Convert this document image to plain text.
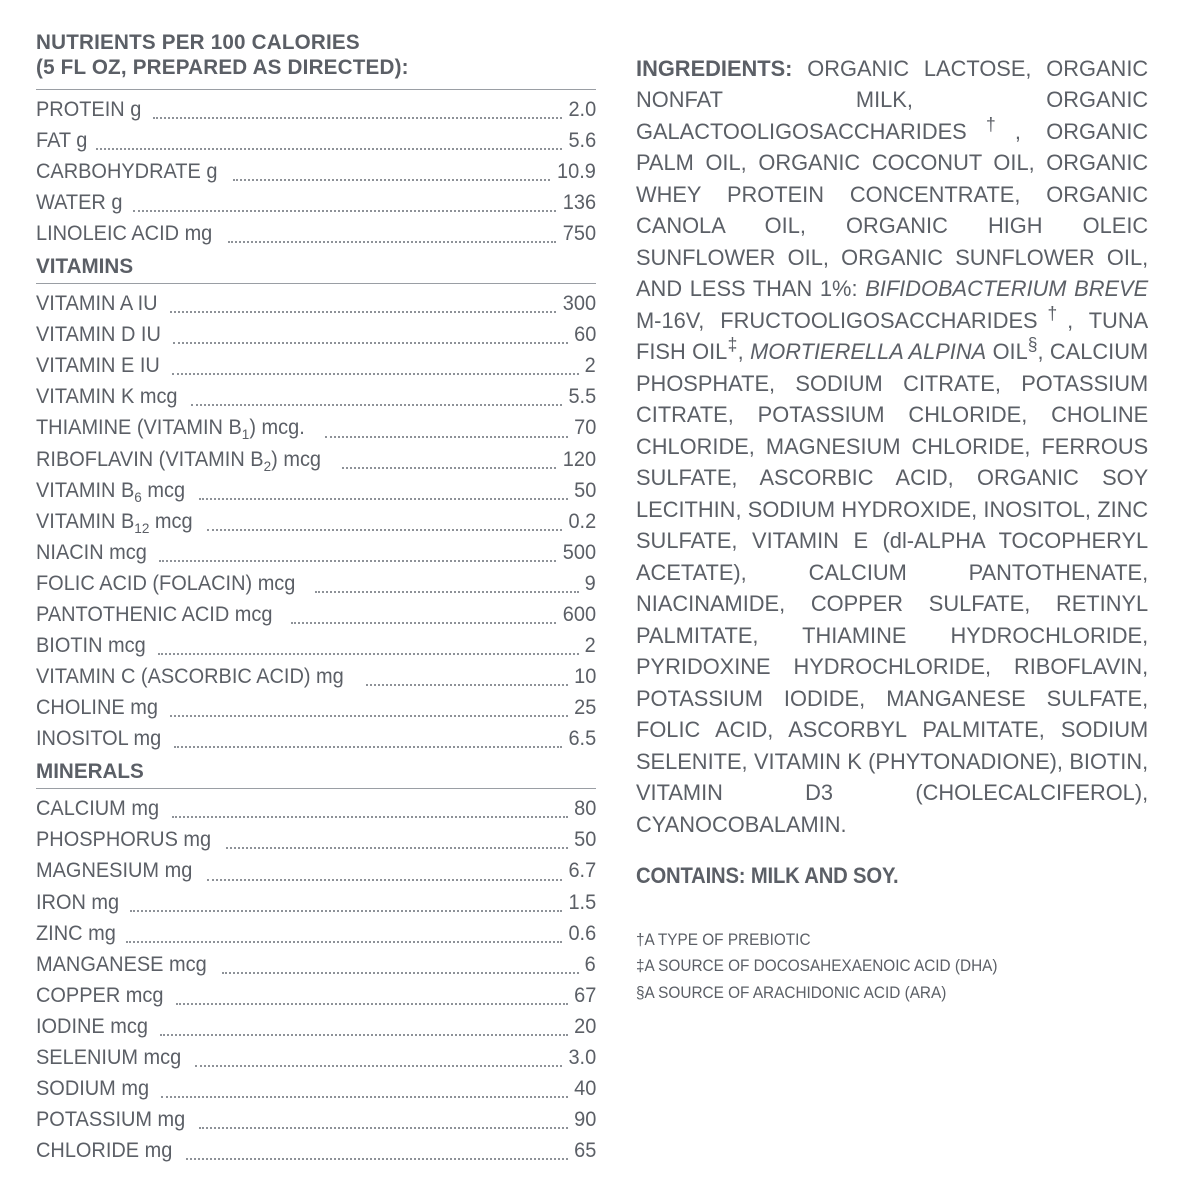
NUTRIENTS PER 100 CALORIES
(5 FL OZ, PREPARED AS DIRECTED):
PROTEIN g	2.0
FAT g	5.6
CARBOHYDRATE g	10.9
WATER g	136
LINOLEIC ACID mg	750
VITAMINS
VITAMIN A IU	300
VITAMIN D IU	60
VITAMIN E IU	2
VITAMIN K mcg	5.5
THIAMINE (VITAMIN $B_1$) mcg.	70
RIBOFLAVIN (VITAMIN $B_2$) mcg	120
VITAMIN $B_6$ mcg	50
VITAMIN $B_{12}$ mcg	0.2
NIACIN mcg	500
FOLIC ACID (FOLACIN) mcg	9
PANTOTHENIC ACID mcg	600
BIOTIN mcg	2
VITAMIN C (ASCORBIC ACID) mg	10
CHOLINE mg	25
INOSITOL mg	6.5
MINERALS
CALCIUM mg	80
PHOSPHORUS mg	50
MAGNESIUM mg	6.7
IRON mg	1.5
ZINC mg	0.6
MANGANESE mcg	6
COPPER mcg	67
IODINE mcg	20
SELENIUM mcg	3.0
SODIUM mg	40
POTASSIUM mg	90
CHLORIDE mg	65

INGREDIENTS: ORGANIC LACTOSE, ORGANIC NONFAT MILK, ORGANIC GALACTOOLIGOSACCHARIDES†, ORGANIC PALM OIL, ORGANIC COCONUT OIL, ORGANIC WHEY PROTEIN CONCENTRATE, ORGANIC CANOLA OIL, ORGANIC HIGH OLEIC SUNFLOWER OIL, ORGANIC SUNFLOWER OIL, AND LESS THAN 1%: BIFIDOBACTERIUM BREVE M-16V, FRUCTOOLIGOSACCHARIDES†, TUNA FISH OIL‡, MORTIERELLA ALPINA OIL§, CALCIUM PHOSPHATE, SODIUM CITRATE, POTASSIUM CITRATE, POTASSIUM CHLORIDE, CHOLINE CHLORIDE, MAGNESIUM CHLORIDE, FERROUS SULFATE, ASCORBIC ACID, ORGANIC SOY LECITHIN, SODIUM HYDROXIDE, INOSITOL, ZINC SULFATE, VITAMIN E (dl-ALPHA TOCOPHERYL ACETATE), CALCIUM PANTOTHENATE, NIACINAMIDE, COPPER SULFATE, RETINYL PALMITATE, THIAMINE HYDROCHLORIDE, PYRIDOXINE HYDROCHLORIDE, RIBOFLAVIN, POTASSIUM IODIDE, MANGANESE SULFATE, FOLIC ACID, ASCORBYL PALMITATE, SODIUM SELENITE, VITAMIN K (PHYTONADIONE), BIOTIN, VITAMIN D3 (CHOLECALCIFEROL), CYANOCOBALAMIN.

CONTAINS: MILK AND SOY.
†A TYPE OF PREBIOTIC
‡A SOURCE OF DOCOSAHEXAENOIC ACID (DHA)
§A SOURCE OF ARACHIDONIC ACID (ARA)
